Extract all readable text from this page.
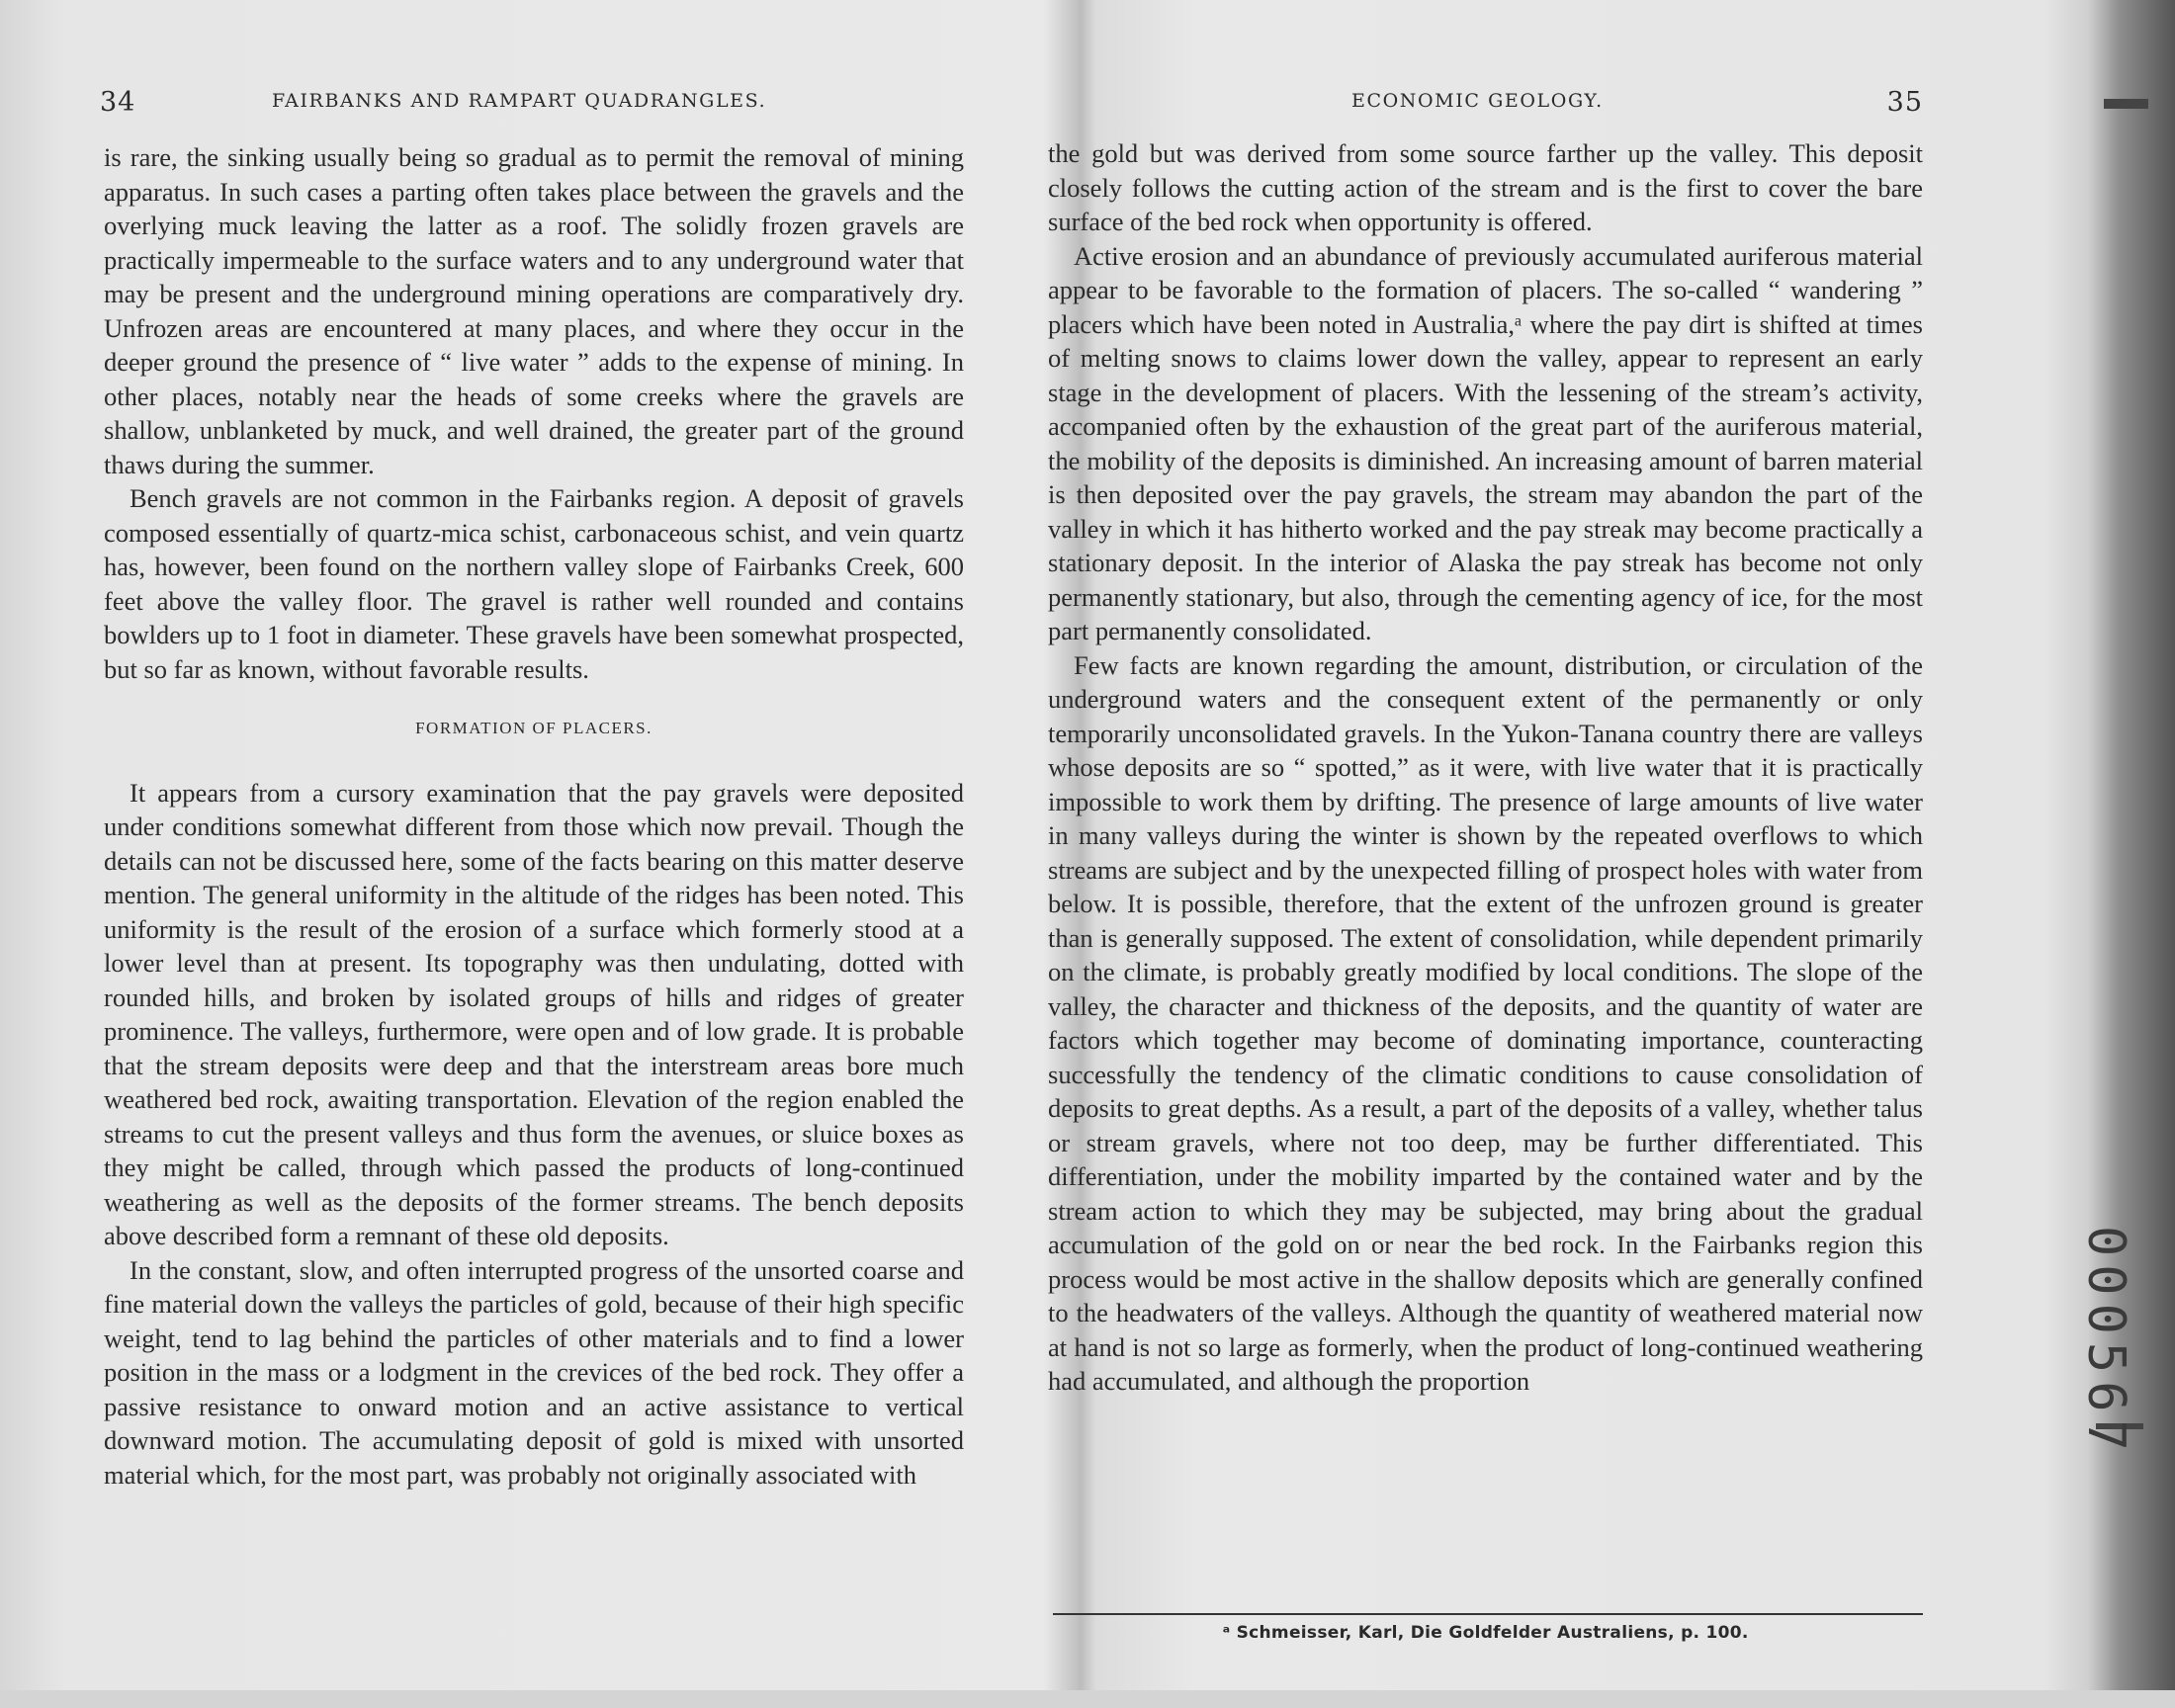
34	FAIRBANKS AND RAMPART QUADRANGLES.

is rare, the sinking usually being so gradual as to permit the removal of mining apparatus. In such cases a parting often takes place between the gravels and the overlying muck leaving the latter as a roof. The solidly frozen gravels are practically impermeable to the surface waters and to any underground water that may be present and the underground mining operations are comparatively dry. Unfrozen areas are encountered at many places, and where they occur in the deeper ground the presence of “ live water ” adds to the expense of mining. In other places, notably near the heads of some creeks where the gravels are shallow, unblanketed by muck, and well drained, the greater part of the ground thaws during the summer.

Bench gravels are not common in the Fairbanks region. A deposit of gravels composed essentially of quartz-mica schist, carbonaceous schist, and vein quartz has, however, been found on the northern valley slope of Fairbanks Creek, 600 feet above the valley floor. The gravel is rather well rounded and contains bowlders up to 1 foot in diameter. These gravels have been somewhat prospected, but so far as known, without favorable results.

FORMATION OF PLACERS.

It appears from a cursory examination that the pay gravels were deposited under conditions somewhat different from those which now prevail. Though the details can not be discussed here, some of the facts bearing on this matter deserve mention. The general uniformity in the altitude of the ridges has been noted. This uniformity is the result of the erosion of a surface which formerly stood at a lower level than at present. Its topography was then undulating, dotted with rounded hills, and broken by isolated groups of hills and ridges of greater prominence. The valleys, furthermore, were open and of low grade. It is probable that the stream deposits were deep and that the interstream areas bore much weathered bed rock, awaiting transportation. Elevation of the region enabled the streams to cut the present valleys and thus form the avenues, or sluice boxes as they might be called, through which passed the products of long-continued weathering as well as the deposits of the former streams. The bench deposits above described form a remnant of these old deposits.

In the constant, slow, and often interrupted progress of the unsorted coarse and fine material down the valleys the particles of gold, because of their high specific weight, tend to lag behind the particles of other materials and to find a lower position in the mass or a lodgment in the crevices of the bed rock. They offer a passive resistance to onward motion and an active assistance to vertical downward motion. The accumulating deposit of gold is mixed with unsorted material which, for the most part, was probably not originally associated with

ECONOMIC GEOLOGY.	35

the gold but was derived from some source farther up the valley. This deposit closely follows the cutting action of the stream and is the first to cover the bare surface of the bed rock when opportunity is offered.

Active erosion and an abundance of previously accumulated auriferous material appear to be favorable to the formation of placers. The so-called “ wandering ” placers which have been noted in Australia,ᵃ where the pay dirt is shifted at times of melting snows to claims lower down the valley, appear to represent an early stage in the development of placers. With the lessening of the stream’s activity, accompanied often by the exhaustion of the great part of the auriferous material, the mobility of the deposits is diminished. An increasing amount of barren material is then deposited over the pay gravels, the stream may abandon the part of the valley in which it has hitherto worked and the pay streak may become practically a stationary deposit. In the interior of Alaska the pay streak has become not only permanently stationary, but also, through the cementing agency of ice, for the most part permanently consolidated.

Few facts are known regarding the amount, distribution, or circulation of the underground waters and the consequent extent of the permanently or only temporarily unconsolidated gravels. In the Yukon-Tanana country there are valleys whose deposits are so “ spotted,” as it were, with live water that it is practically impossible to work them by drifting. The presence of large amounts of live water in many valleys during the winter is shown by the repeated overflows to which streams are subject and by the unexpected filling of prospect holes with water from below. It is possible, therefore, that the extent of the unfrozen ground is greater than is generally supposed. The extent of consolidation, while dependent primarily on the climate, is probably greatly modified by local conditions. The slope of the valley, the character and thickness of the deposits, and the quantity of water are factors which together may become of dominating importance, counteracting successfully the tendency of the climatic conditions to cause consolidation of deposits to great depths. As a result, a part of the deposits of a valley, whether talus or stream gravels, where not too deep, may be further differentiated. This differentiation, under the mobility imparted by the contained water and by the stream action to which they may be subjected, may bring about the gradual accumulation of the gold on or near the bed rock. In the Fairbanks region this process would be most active in the shallow deposits which are generally confined to the headwaters of the valleys. Although the quantity of weathered material now at hand is not so large as formerly, when the product of long-continued weathering had accumulated, and although the proportion

ᵃ Schmeisser, Karl, Die Goldfelder Australiens, p. 100.
000567
